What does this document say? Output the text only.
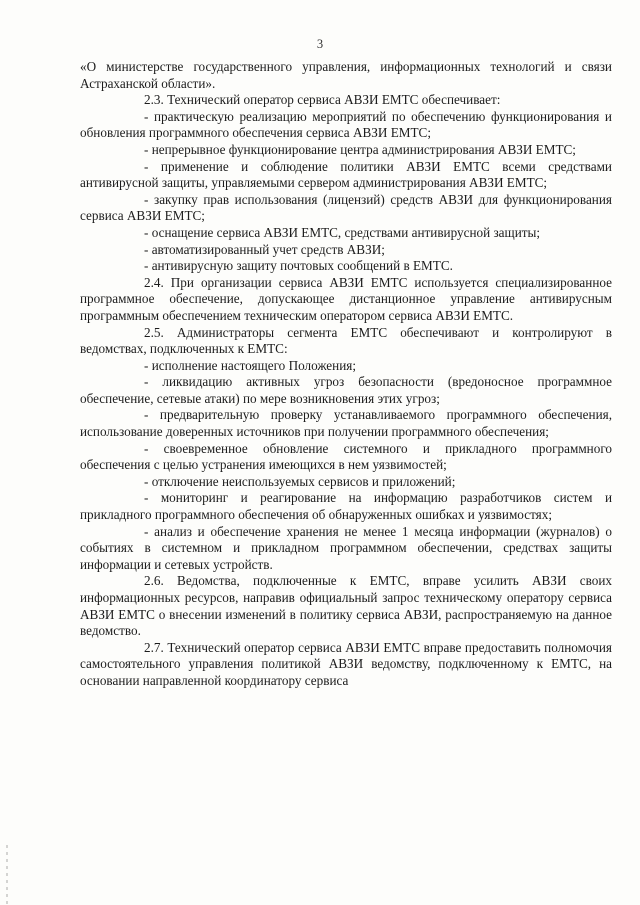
3

«О министерстве государственного управления, информационных технологий и связи Астраханской области».

2.3. Технический оператор сервиса АВЗИ ЕМТС обеспечивает:

- практическую реализацию мероприятий по обеспечению функционирования и обновления программного обеспечения сервиса АВЗИ ЕМТС;

- непрерывное функционирование центра администрирования АВЗИ ЕМТС;

- применение и соблюдение политики АВЗИ ЕМТС всеми средствами антивирусной защиты, управляемыми сервером администрирования АВЗИ ЕМТС;

- закупку прав использования (лицензий) средств АВЗИ для функционирования сервиса АВЗИ ЕМТС;

- оснащение сервиса АВЗИ ЕМТС, средствами антивирусной защиты;

- автоматизированный учет средств АВЗИ;

- антивирусную защиту почтовых сообщений в ЕМТС.

2.4. При организации сервиса АВЗИ ЕМТС используется специализированное программное обеспечение, допускающее дистанционное управление антивирусным программным обеспечением техническим оператором сервиса АВЗИ ЕМТС.

2.5. Администраторы сегмента ЕМТС обеспечивают и контролируют в ведомствах, подключенных к ЕМТС:

- исполнение настоящего Положения;

- ликвидацию активных угроз безопасности (вредоносное программное обеспечение, сетевые атаки) по мере возникновения этих угроз;

- предварительную проверку устанавливаемого программного обеспечения, использование доверенных источников при получении программного обеспечения;

- своевременное обновление системного и прикладного программного обеспечения с целью устранения имеющихся в нем уязвимостей;

- отключение неиспользуемых сервисов и приложений;

- мониторинг и реагирование на информацию разработчиков систем и прикладного программного обеспечения об обнаруженных ошибках и уязвимостях;

- анализ и обеспечение хранения не менее 1 месяца информации (журналов) о событиях в системном и прикладном программном обеспечении, средствах защиты информации и сетевых устройств.

2.6. Ведомства, подключенные к ЕМТС, вправе усилить АВЗИ своих информационных ресурсов, направив официальный запрос техническому оператору сервиса АВЗИ ЕМТС о внесении изменений в политику сервиса АВЗИ, распространяемую на данное ведомство.

2.7. Технический оператор сервиса АВЗИ ЕМТС вправе предоставить полномочия самостоятельного управления политикой АВЗИ ведомству, подключенному к ЕМТС, на основании направленной координатору сервиса
